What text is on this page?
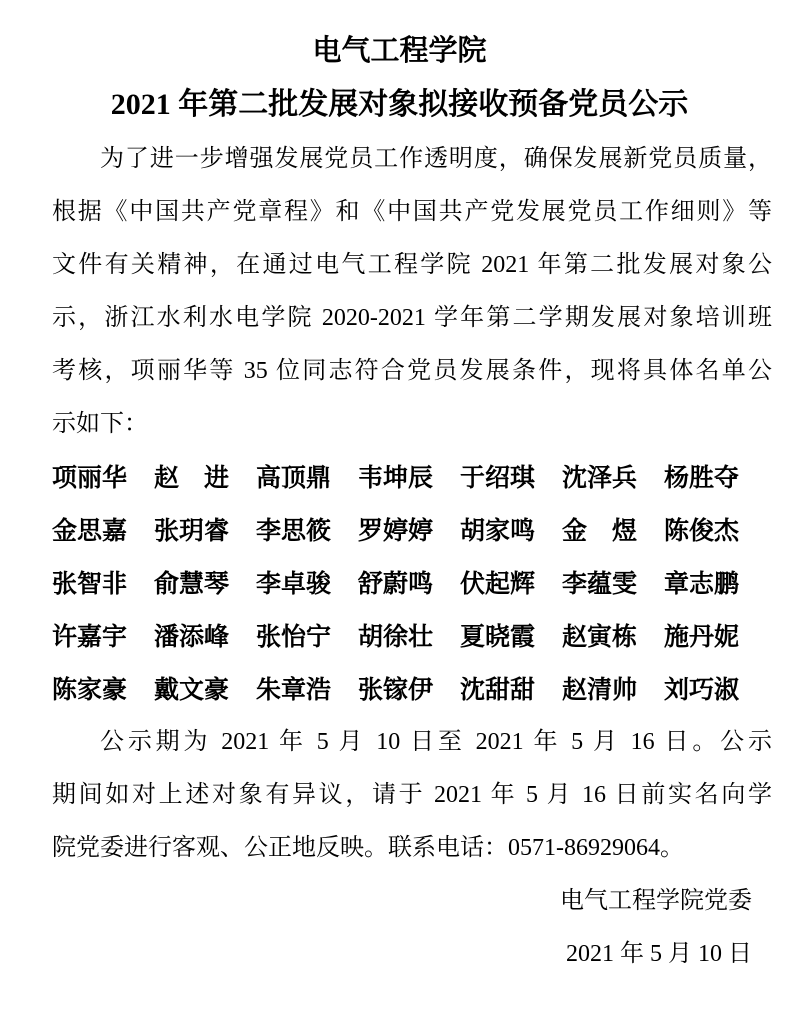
电气工程学院
2021 年第二批发展对象拟接收预备党员公示
为了进一步增强发展党员工作透明度，确保发展新党员质量，
根据《中国共产党章程》和《中国共产党发展党员工作细则》等
文件有关精神，在通过电气工程学院 2021 年第二批发展对象公
示，浙江水利水电学院 2020-2021 学年第二学期发展对象培训班
考核，项丽华等 35 位同志符合党员发展条件，现将具体名单公
示如下：
项丽华 赵 进 高顶鼎 韦坤辰 于绍琪 沈泽兵 杨胜夺
金思嘉 张玥睿 李思筱 罗婷婷 胡家鸣 金 煜 陈俊杰
张智非 俞慧琴 李卓骏 舒蔚鸣 伏起辉 李蕴雯 章志鹏
许嘉宇 潘添峰 张怡宁 胡徐壮 夏晓霞 赵寅栋 施丹妮
陈家豪 戴文豪 朱章浩 张镓伊 沈甜甜 赵清帅 刘巧淑
公示期为 2021 年 5 月 10 日至 2021 年 5 月 16 日。公示
期间如对上述对象有异议，请于 2021 年 5 月 16 日前实名向学
院党委进行客观、公正地反映。联系电话：0571-86929064。
电气工程学院党委
2021 年 5 月 10 日
